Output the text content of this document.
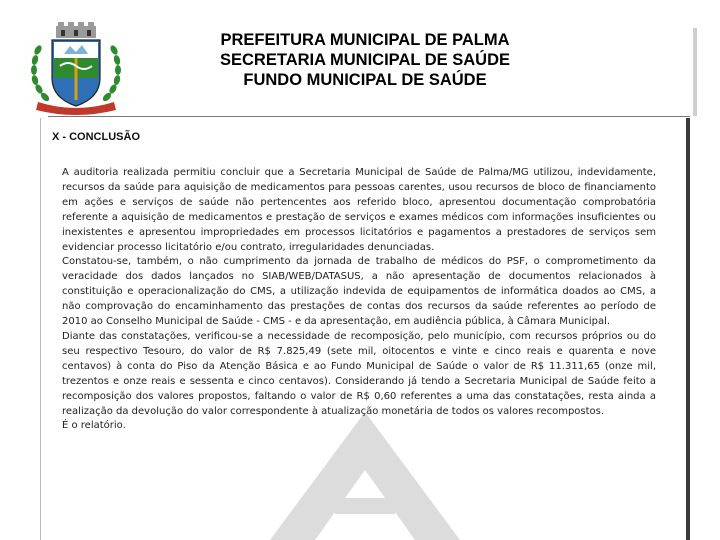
PREFEITURA MUNICIPAL DE PALMA
SECRETARIA MUNICIPAL DE SAÚDE
FUNDO MUNICIPAL DE SAÚDE
X - CONCLUSÃO

A auditoria realizada permitiu concluir que a Secretaria Municipal de Saúde de Palma/MG utilizou, indevidamente, recursos da saúde para aquisição de medicamentos para pessoas carentes, usou recursos de bloco de financiamento em ações e serviços de saúde não pertencentes aos referido bloco, apresentou documentação comprobatória referente a aquisição de medicamentos e prestação de serviços e exames médicos com informações insuficientes ou inexistentes e apresentou impropriedades em processos licitatórios e pagamentos a prestadores de serviços sem evidenciar processo licitatório e/ou contrato, irregularidades denunciadas.

Constatou-se, também, o não cumprimento da jornada de trabalho de médicos do PSF, o comprometimento da veracidade dos dados lançados no SIAB/WEB/DATASUS, a não apresentação de documentos relacionados à constituição e operacionalização do CMS, a utilização indevida de equipamentos de informática doados ao CMS, a não comprovação do encaminhamento das prestações de contas dos recursos da saúde referentes ao período de 2010 ao Conselho Municipal de Saúde - CMS - e da apresentação, em audiência pública, à Câmara Municipal.

Diante das constatações, verificou-se a necessidade de recomposição, pelo município, com recursos próprios ou do seu respectivo Tesouro, do valor de R$ 7.825,49 (sete mil, oitocentos e vinte e cinco reais e quarenta e nove centavos) à conta do Piso da Atenção Básica e ao Fundo Municipal de Saúde o valor de R$ 11.311,65 (onze mil, trezentos e onze reais e sessenta e cinco centavos). Considerando já tendo a Secretaria Municipal de Saúde feito a recomposição dos valores propostos, faltando o valor de R$ 0,60 referentes a uma das constatações, resta ainda a realização da devolução do valor correspondente à atualização monetária de todos os valores recompostos.

É o relatório.
